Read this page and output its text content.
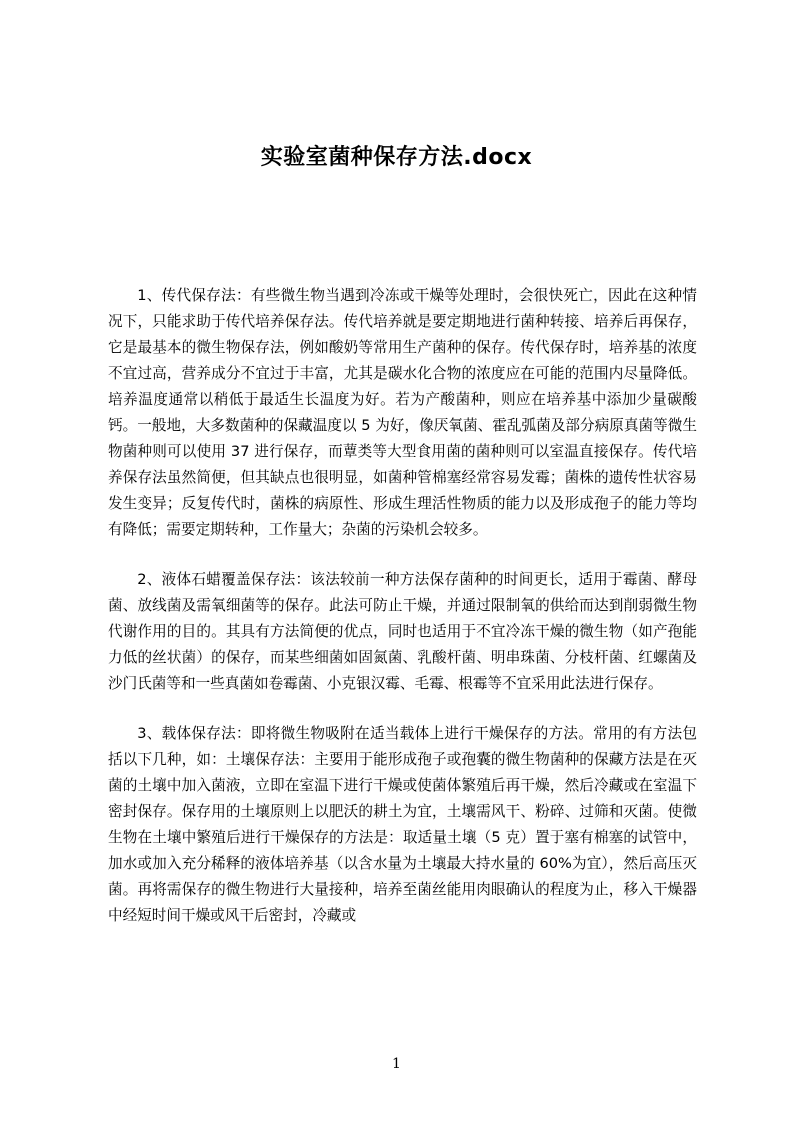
实验室菌种保存方法.docx

1、传代保存法：有些微生物当遇到冷冻或干燥等处理时，会很快死亡，因此在这种情况下，只能求助于传代培养保存法。传代培养就是要定期地进行菌种转接、培养后再保存，它是最基本的微生物保存法，例如酸奶等常用生产菌种的保存。传代保存时，培养基的浓度不宜过高，营养成分不宜过于丰富，尤其是碳水化合物的浓度应在可能的范围内尽量降低。培养温度通常以稍低于最适生长温度为好。若为产酸菌种，则应在培养基中添加少量碳酸钙。一般地，大多数菌种的保藏温度以 5 为好，像厌氧菌、霍乱弧菌及部分病原真菌等微生物菌种则可以使用 37 进行保存，而蕈类等大型食用菌的菌种则可以室温直接保存。传代培养保存法虽然简便，但其缺点也很明显，如菌种管棉塞经常容易发霉；菌株的遗传性状容易发生变异；反复传代时，菌株的病原性、形成生理活性物质的能力以及形成孢子的能力等均有降低；需要定期转种，工作量大；杂菌的污染机会较多。

2、液体石蜡覆盖保存法：该法较前一种方法保存菌种的时间更长，适用于霉菌、酵母菌、放线菌及需氧细菌等的保存。此法可防止干燥，并通过限制氧的供给而达到削弱微生物代谢作用的目的。其具有方法简便的优点，同时也适用于不宜冷冻干燥的微生物（如产孢能力低的丝状菌）的保存，而某些细菌如固氮菌、乳酸杆菌、明串珠菌、分枝杆菌、红螺菌及沙门氏菌等和一些真菌如卷霉菌、小克银汉霉、毛霉、根霉等不宜采用此法进行保存。

3、载体保存法：即将微生物吸附在适当载体上进行干燥保存的方法。常用的有方法包括以下几种，如：土壤保存法：主要用于能形成孢子或孢囊的微生物菌种的保藏方法是在灭菌的土壤中加入菌液，立即在室温下进行干燥或使菌体繁殖后再干燥，然后冷藏或在室温下密封保存。保存用的土壤原则上以肥沃的耕土为宜，土壤需风干、粉碎、过筛和灭菌。使微生物在土壤中繁殖后进行干燥保存的方法是：取适量土壤（5 克）置于塞有棉塞的试管中，加水或加入充分稀释的液体培养基（以含水量为土壤最大持水量的 60%为宜），然后高压灭菌。再将需保存的微生物进行大量接种，培养至菌丝能用肉眼确认的程度为止，移入干燥器中经短时间干燥或风干后密封，冷藏或

1
